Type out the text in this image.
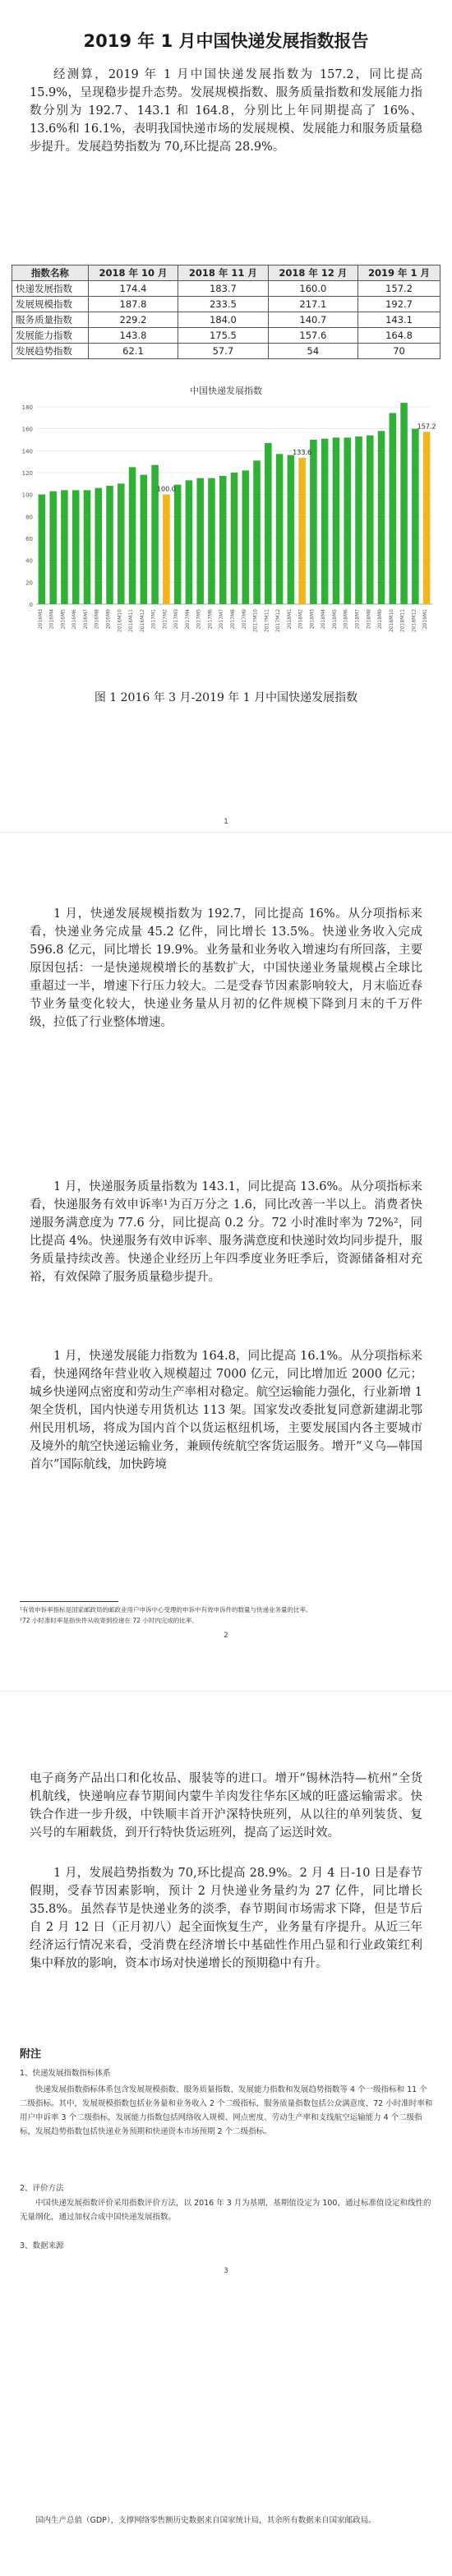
2019 年 1 月中国快递发展指数报告

经测算，2019 年 1 月中国快递发展指数为 157.2，同比提高 15.9%，呈现稳步提升态势。发展规模指数、服务质量指数和发展能力指数分别为 192.7、143.1 和 164.8，分别比上年同期提高了 16%、13.6%和 16.1%，表明我国快递市场的发展规模、发展能力和服务质量稳步提升。发展趋势指数为 70,环比提高 28.9%。

指数名称	2018 年 10 月	2018 年 11 月	2018 年 12 月	2019 年 1 月
快递发展指数	174.4	183.7	160.0	157.2
发展规模指数	187.8	233.5	217.1	192.7
服务质量指数	229.2	184.0	140.7	143.1
发展能力指数	143.8	175.5	157.6	164.8
发展趋势指数	62.1	57.7	54	70
中国快递发展指数
0
20
40
60
80
100
120
140
160
180
100.0
133.6
157.2
2016M3 2016M4 2016M5 2016M6 2016M7 2016M8 2016M9 2016M10 2016M11 2016M12 2017M1 2017M2 2017M3 2017M4 2017M5 2017M6 2017M7 2017M8 2017M9 2017M10 2017M11 2017M12 2018M1 2018M2 2018M3 2018M4 2018M5 2018M6 2018M7 2018M8 2018M9 2018M10 2018M11 2018M12 2019M1
图 1 2016 年 3 月-2019 年 1 月中国快递发展指数
1

1 月，快递发展规模指数为 192.7，同比提高 16%。从分项指标来看，快递业务完成量 45.2 亿件，同比增长 13.5%。快递业务收入完成 596.8 亿元，同比增长 19.9%。业务量和业务收入增速均有所回落，主要原因包括：一是快递规模增长的基数扩大，中国快递业务量规模占全球比重超过一半，增速下行压力较大。二是受春节因素影响较大，月末临近春节业务量变化较大，快递业务量从月初的亿件规模下降到月末的千万件级，拉低了行业整体增速。

1 月，快递服务质量指数为 143.1，同比提高 13.6%。从分项指标来看，快递服务有效申诉率¹为百万分之 1.6，同比改善一半以上。消费者快递服务满意度为 77.6 分，同比提高 0.2 分。72 小时准时率为 72%²，同比提高 4%。快递服务有效申诉率、服务满意度和快递时效均同步提升，服务质量持续改善。快递企业经历上年四季度业务旺季后，资源储备相对充裕，有效保障了服务质量稳步提升。

1 月，快递发展能力指数为 164.8，同比提高 16.1%。从分项指标来看，快递网络年营业收入规模超过 7000 亿元，同比增加近 2000 亿元；城乡快递网点密度和劳动生产率相对稳定。航空运输能力强化，行业新增 1 架全货机，国内快递专用货机达 113 架。国家发改委批复同意新建湖北鄂州民用机场，将成为国内首个以货运枢纽机场，主要发展国内各主要城市及境外的航空快递运输业务，兼顾传统航空客货运服务。增开“义乌—韩国首尔”国际航线，加快跨境

¹有效申诉率指标是国家邮政局的邮政业用户申诉中心受理的申诉中有效申诉件的数量与快递业务量的比率。
²72 小时准时率是指快件从收寄到投递在 72 小时内完成的比率。
2

电子商务产品出口和化妆品、服装等的进口。增开“锡林浩特—杭州”全货机航线，快递响应春节期间内蒙牛羊肉发往华东区域的旺盛运输需求。快铁合作进一步升级，中铁顺丰首开沪深特快班列，从以往的单列装货、复兴号的车厢载货，到开行特快货运班列，提高了运送时效。

1 月，发展趋势指数为 70,环比提高 28.9%。2 月 4 日-10 日是春节假期，受春节因素影响，预计 2 月快递业务量约为 27 亿件，同比增长 35.8%。虽然春节是快递业务的淡季，春节期间市场需求下降，但是节后自 2 月 12 日（正月初八）起全面恢复生产，业务量有序提升。从近三年经济运行情况来看，受消费在经济增长中基础性作用凸显和行业政策红利集中释放的影响，资本市场对快递增长的预期稳中有升。

附注
1、快递发展指数指标体系

快递发展指数指标体系包含发展规模指数、服务质量指数、发展能力指数和发展趋势指数等 4 个一级指标和 11 个二级指标。其中，发展规模指数包括业务量和业务收入 2 个二级指标，服务质量指数包括公众满意度、72 小时准时率和用户申诉率 3 个二级指标，发展能力指数包括网络收入规模、网点密度、劳动生产率和支线航空运输能力 4 个二级指标，发展趋势指数包括快递业务预期和快递资本市场预期 2 个二级指标。

2、评价方法

中国快递发展指数评价采用指数评价方法，以 2016 年 3 月为基期，基期值设定为 100，通过标准值设定和线性的无量纲化，通过加权合成中国快递发展指数。

3、数据来源
3

国内生产总值（GDP），支撑网络零售额历史数据来自国家统计局，其余所有数据来自国家邮政局。
